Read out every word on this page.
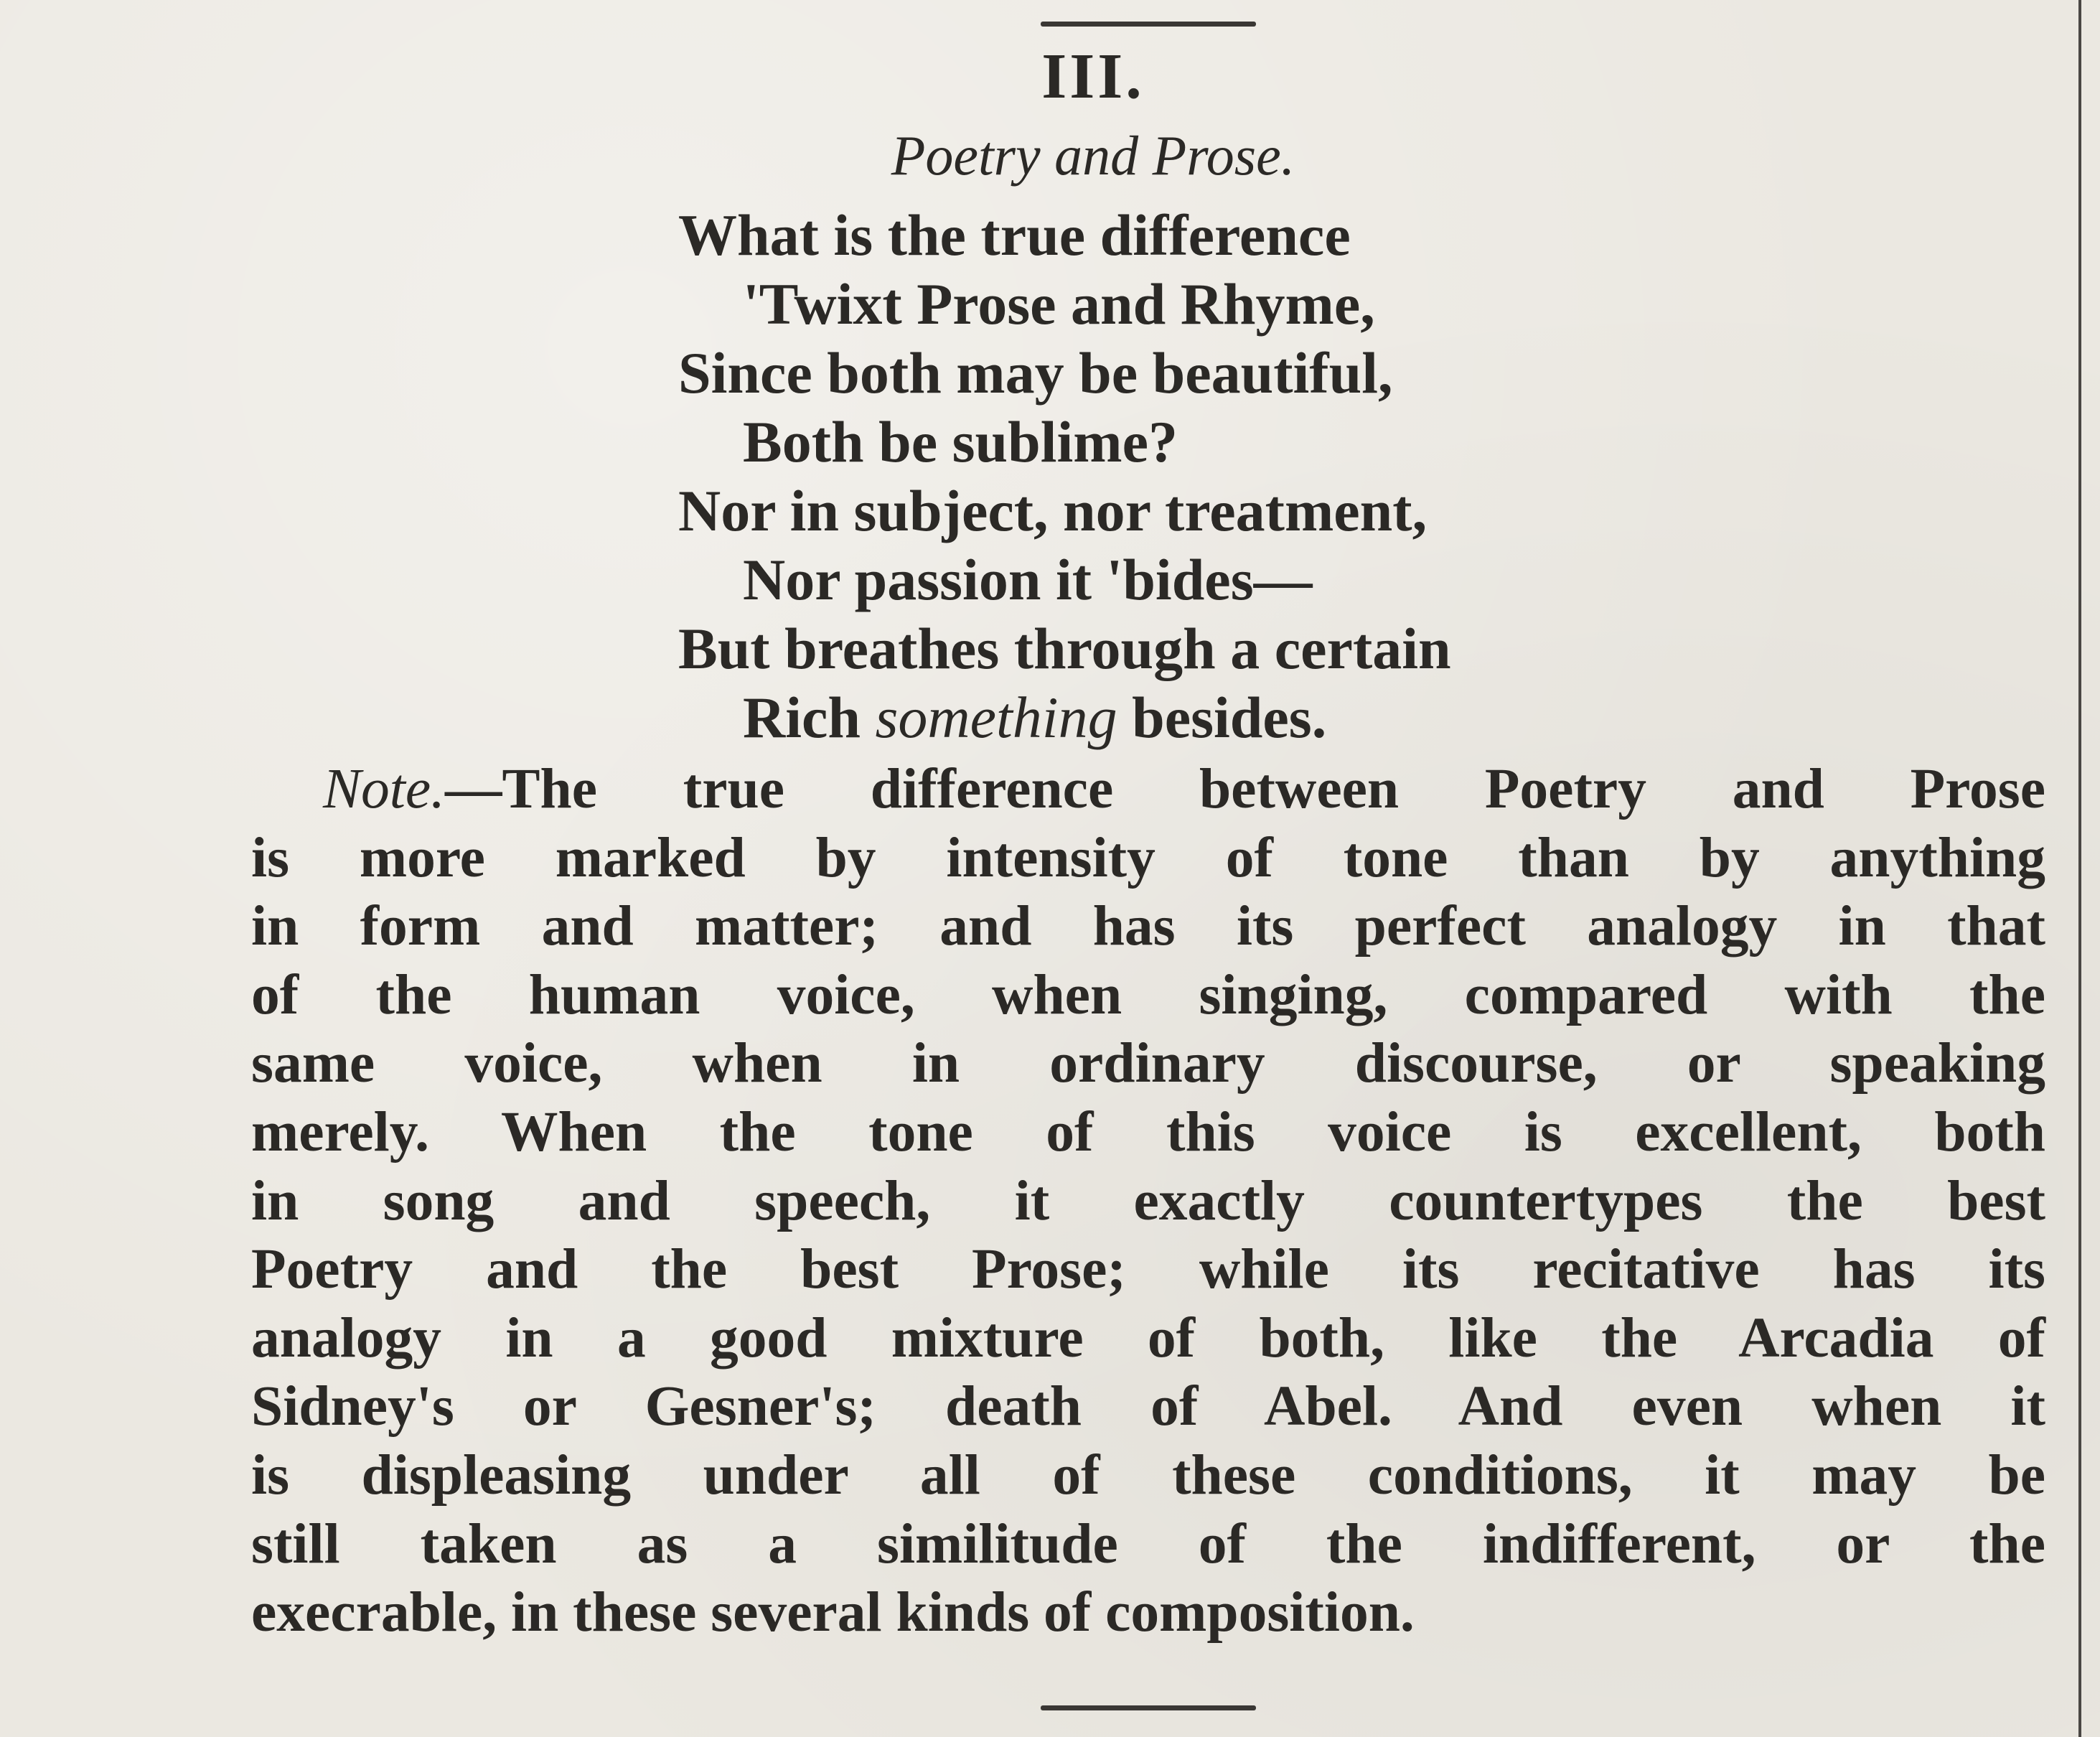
III.
Poetry and Prose.
What is the true difference
'Twixt Prose and Rhyme,
Since both may be beautiful,
Both be sublime?
Nor in subject, nor treatment,
Nor passion it 'bides—
But breathes through a certain
Rich something besides.
Note.—The true difference between Poetry and Prose
is more marked by intensity of tone than by anything
in form and matter; and has its perfect analogy in that
of the human voice, when singing, compared with the
same voice, when in ordinary discourse, or speaking
merely. When the tone of this voice is excellent, both
in song and speech, it exactly countertypes the best
Poetry and the best Prose; while its recitative has its
analogy in a good mixture of both, like the Arcadia of
Sidney's or Gesner's; death of Abel. And even when it
is displeasing under all of these conditions, it may be
still taken as a similitude of the indifferent, or the
execrable, in these several kinds of composition.
